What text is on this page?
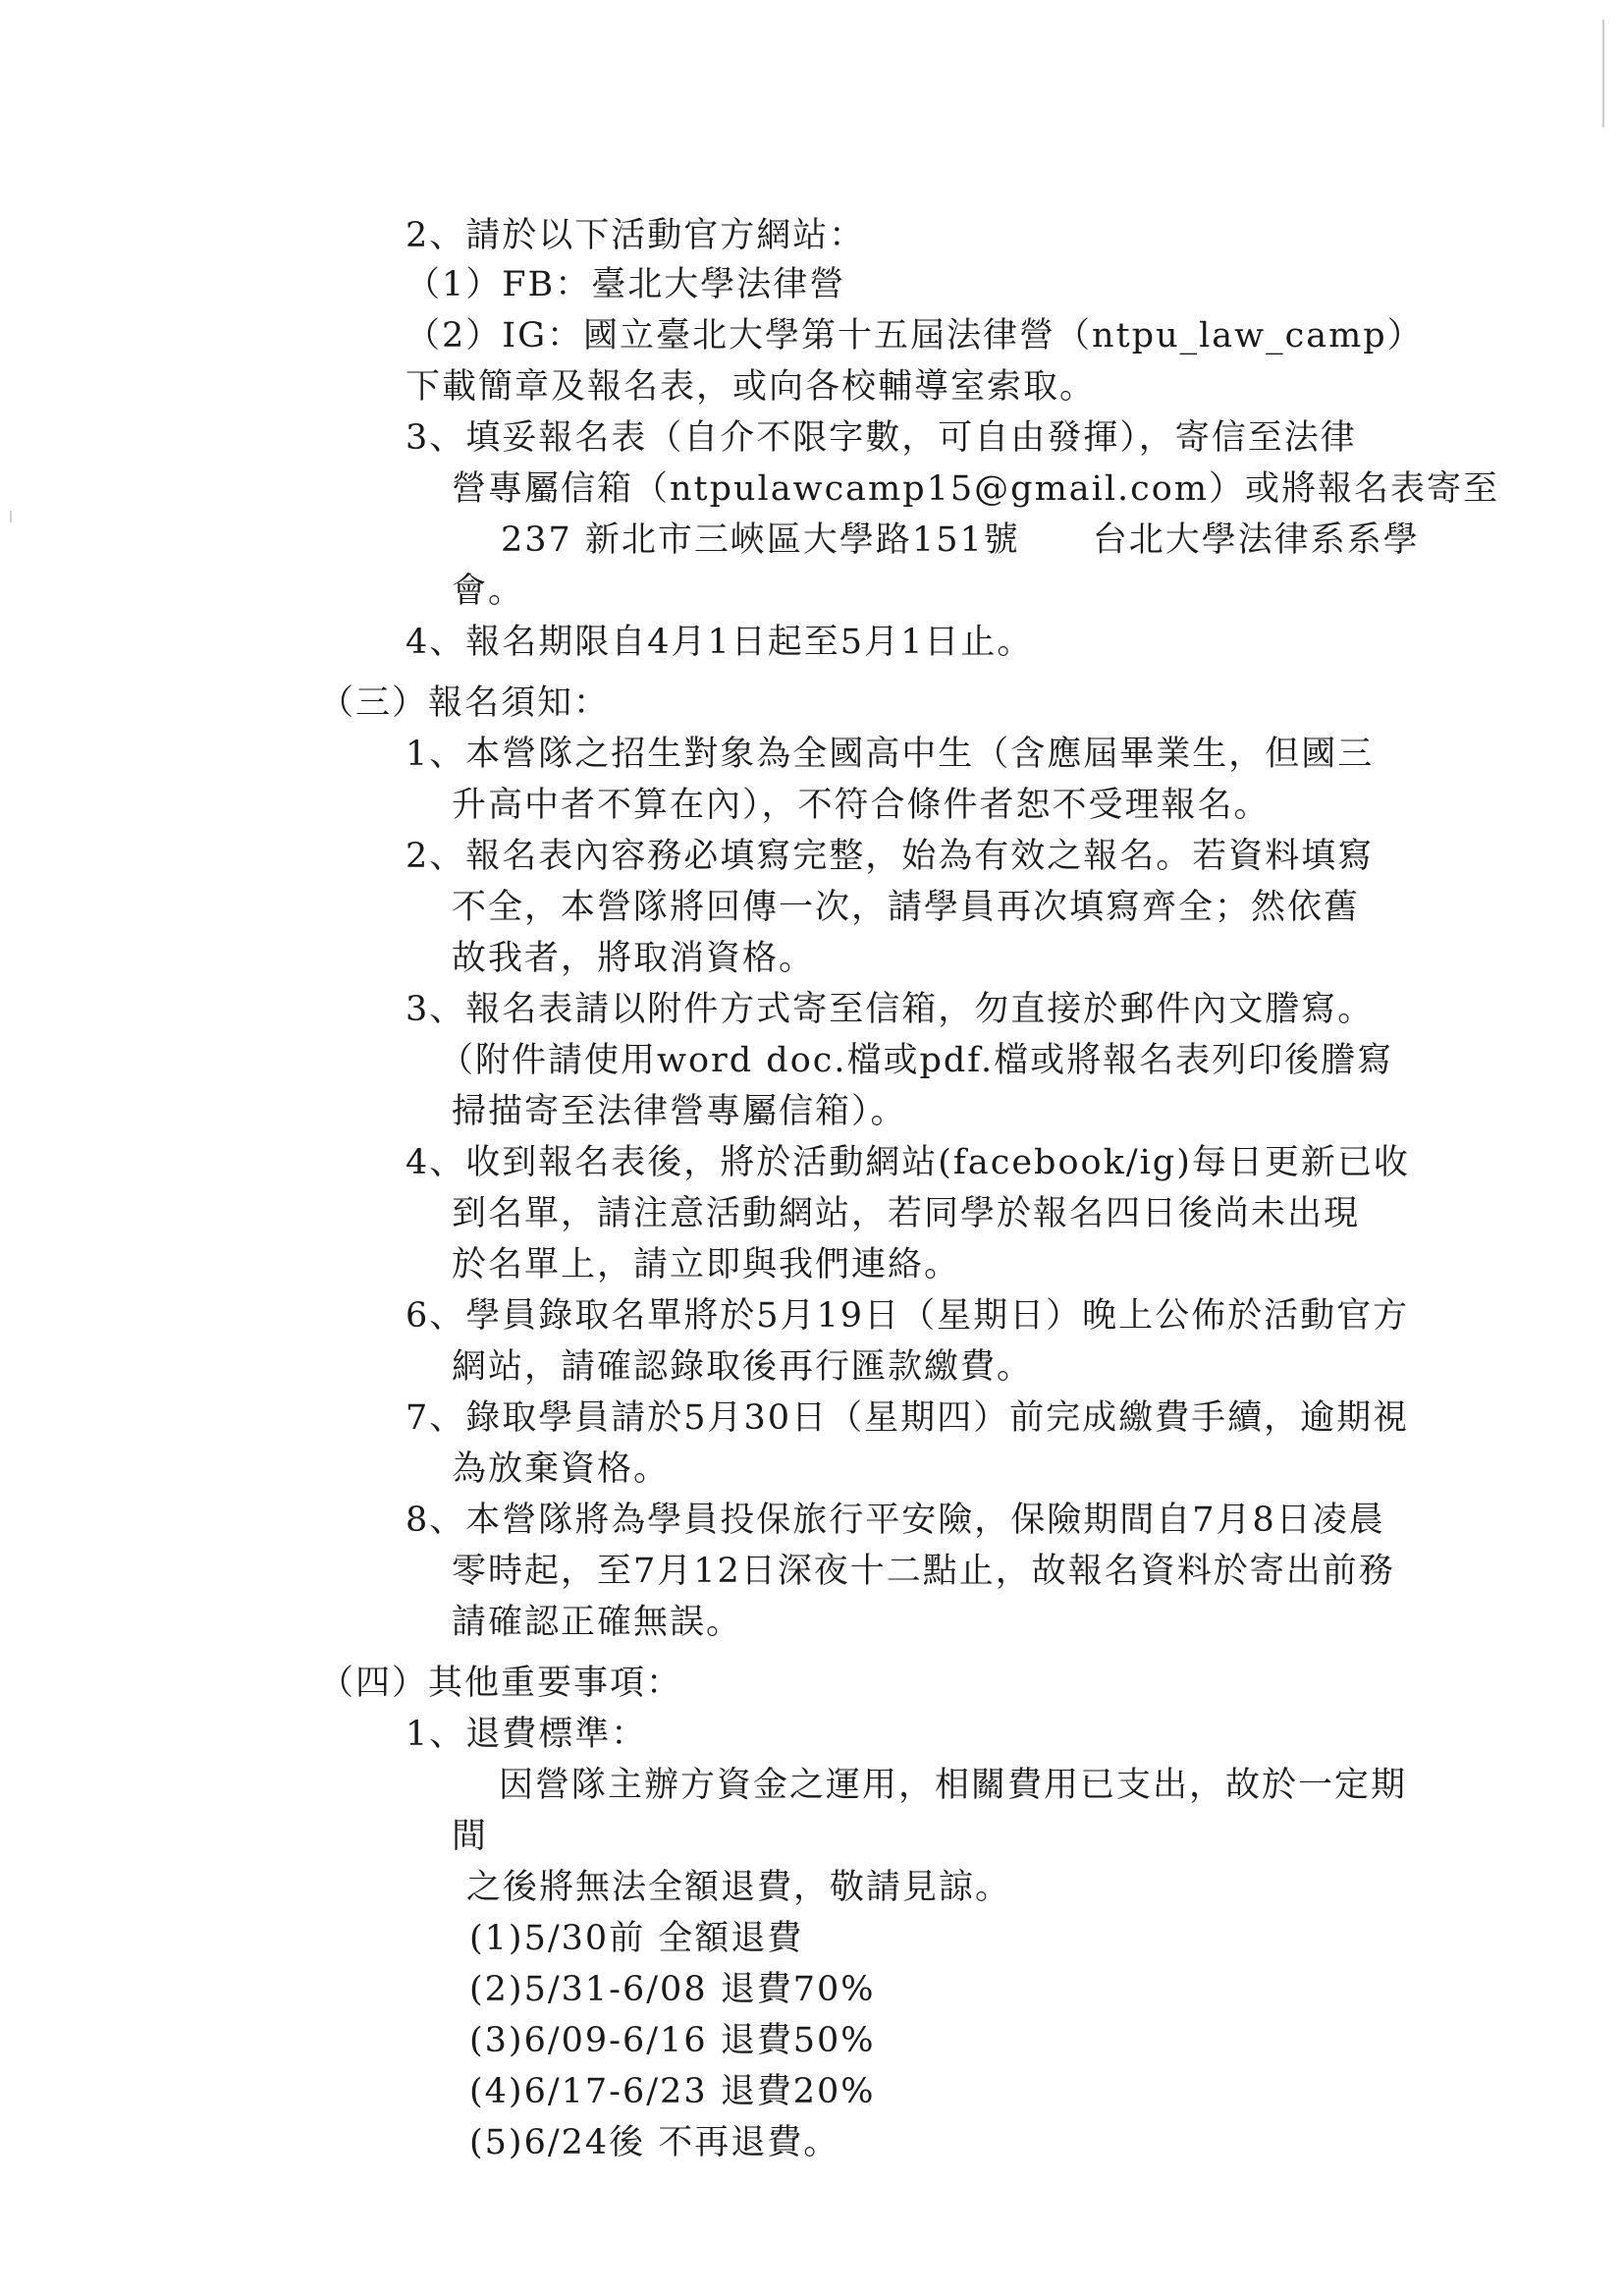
2、請於以下活動官方網站：
（1）FB：臺北大學法律營
（2）IG：國立臺北大學第十五屆法律營（ntpu_law_camp）
下載簡章及報名表，或向各校輔導室索取。
3、填妥報名表（自介不限字數，可自由發揮），寄信至法律
營專屬信箱（ntpulawcamp15@gmail.com）或將報名表寄至
237 新北市三峽區大學路151號　　台北大學法律系系學
會。
4、報名期限自4月1日起至5月1日止。
（三）報名須知：
1、本營隊之招生對象為全國高中生（含應屆畢業生，但國三
升高中者不算在內），不符合條件者恕不受理報名。
2、報名表內容務必填寫完整，始為有效之報名。若資料填寫
不全，本營隊將回傳一次，請學員再次填寫齊全；然依舊
故我者，將取消資格。
3、報名表請以附件方式寄至信箱，勿直接於郵件內文謄寫。
（附件請使用word doc.檔或pdf.檔或將報名表列印後謄寫
掃描寄至法律營專屬信箱）。
4、收到報名表後，將於活動網站(facebook/ig)每日更新已收
到名單，請注意活動網站，若同學於報名四日後尚未出現
於名單上，請立即與我們連絡。
6、學員錄取名單將於5月19日（星期日）晚上公佈於活動官方
網站，請確認錄取後再行匯款繳費。
7、錄取學員請於5月30日（星期四）前完成繳費手續，逾期視
為放棄資格。
8、本營隊將為學員投保旅行平安險，保險期間自7月8日凌晨
零時起，至7月12日深夜十二點止，故報名資料於寄出前務
請確認正確無誤。
（四）其他重要事項：
1、退費標準：
因營隊主辦方資金之運用，相關費用已支出，故於一定期
間
之後將無法全額退費，敬請見諒。
(1)5/30前 全額退費
(2)5/31-6/08 退費70%
(3)6/09-6/16 退費50%
(4)6/17-6/23 退費20%
(5)6/24後 不再退費。
